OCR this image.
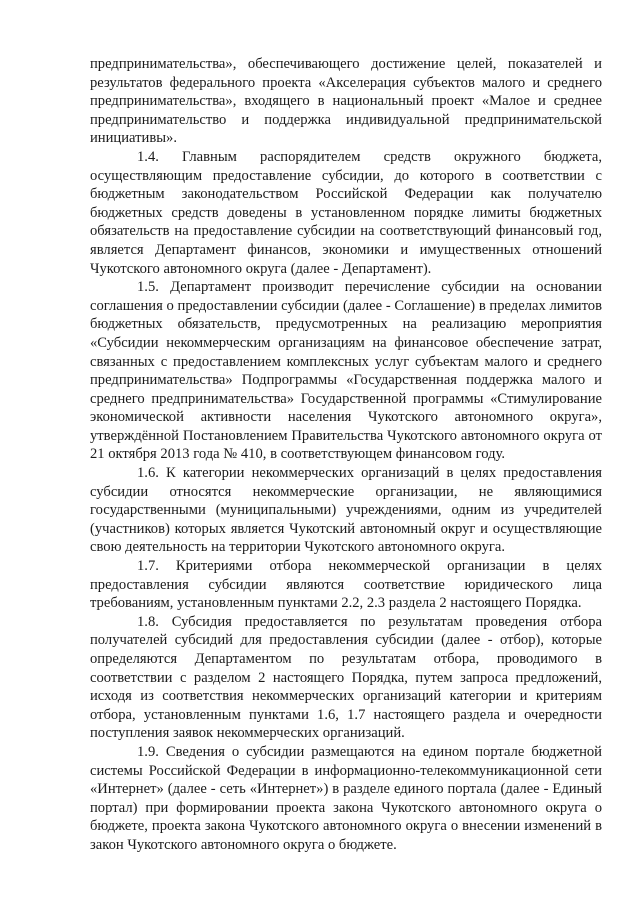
предпринимательства», обеспечивающего достижение целей, показателей и результатов федерального проекта «Акселерация субъектов малого и среднего предпринимательства», входящего в национальный проект «Малое и среднее предпринимательство и поддержка индивидуальной предпринимательской инициативы».

1.4. Главным распорядителем средств окружного бюджета, осуществляющим предоставление субсидии, до которого в соответствии с бюджетным законодательством Российской Федерации как получателю бюджетных средств доведены в установленном порядке лимиты бюджетных обязательств на предоставление субсидии на соответствующий финансовый год, является Департамент финансов, экономики и имущественных отношений Чукотского автономного округа (далее - Департамент).

1.5. Департамент производит перечисление субсидии на основании соглашения о предоставлении субсидии (далее - Соглашение) в пределах лимитов бюджетных обязательств, предусмотренных на реализацию мероприятия «Субсидии некоммерческим организациям на финансовое обеспечение затрат, связанных с предоставлением комплексных услуг субъектам малого и среднего предпринимательства» Подпрограммы «Государственная поддержка малого и среднего предпринимательства» Государственной программы «Стимулирование экономической активности населения Чукотского автономного округа», утверждённой Постановлением Правительства Чукотского автономного округа от 21 октября 2013 года № 410, в соответствующем финансовом году.

1.6. К категории некоммерческих организаций в целях предоставления субсидии относятся некоммерческие организации, не являющимися государственными (муниципальными) учреждениями, одним из учредителей (участников) которых является Чукотский автономный округ и осуществляющие свою деятельность на территории Чукотского автономного округа.

1.7. Критериями отбора некоммерческой организации в целях предоставления субсидии являются соответствие юридического лица требованиям, установленным пунктами 2.2, 2.3 раздела 2 настоящего Порядка.

1.8. Субсидия предоставляется по результатам проведения отбора получателей субсидий для предоставления субсидии (далее - отбор), которые определяются Департаментом по результатам отбора, проводимого в соответствии с разделом 2 настоящего Порядка, путем запроса предложений, исходя из соответствия некоммерческих организаций категории и критериям отбора, установленным пунктами 1.6, 1.7 настоящего раздела и очередности поступления заявок некоммерческих организаций.

1.9. Сведения о субсидии размещаются на едином портале бюджетной системы Российской Федерации в информационно-телекоммуникационной сети «Интернет» (далее - сеть «Интернет») в разделе единого портала (далее - Единый портал) при формировании проекта закона Чукотского автономного округа о бюджете, проекта закона Чукотского автономного округа о внесении изменений в закон Чукотского автономного округа о бюджете.
